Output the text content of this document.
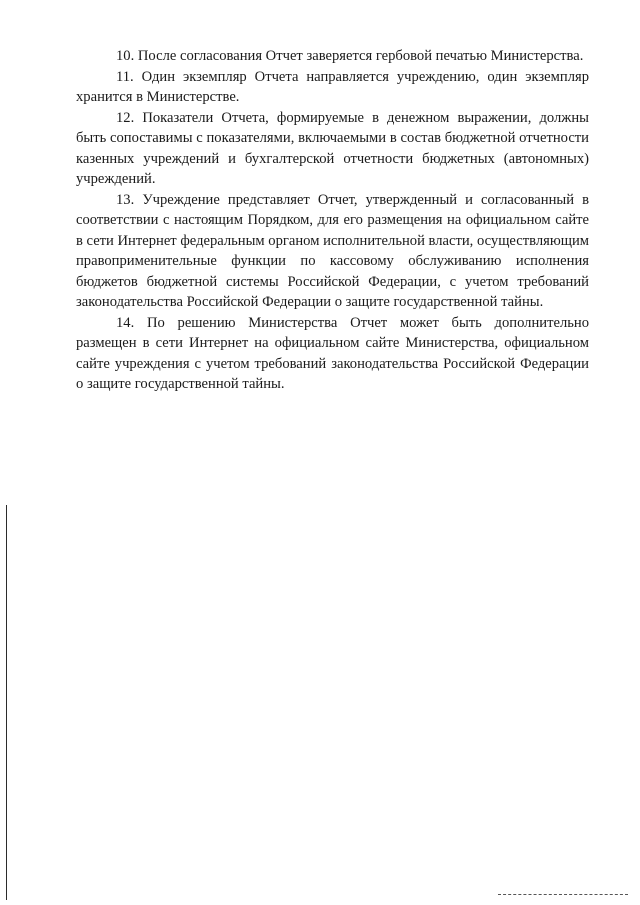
10. После согласования Отчет заверяется гербовой печатью Министерства.

11. Один экземпляр Отчета направляется учреждению, один экземпляр хранится в Министерстве.

12. Показатели Отчета, формируемые в денежном выражении, должны быть сопоставимы с показателями, включаемыми в состав бюджетной отчетности казенных учреждений и бухгалтерской отчетности бюджетных (автономных) учреждений.

13. Учреждение представляет Отчет, утвержденный и согласованный в соответствии с настоящим Порядком, для его размещения на официальном сайте в сети Интернет федеральным органом исполнительной власти, осуществляющим правоприменительные функции по кассовому обслуживанию исполнения бюджетов бюджетной системы Российской Федерации, с учетом требований законодательства Российской Федерации о защите государственной тайны.

14. По решению Министерства Отчет может быть дополнительно размещен в сети Интернет на официальном сайте Министерства, официальном сайте учреждения с учетом требований законодательства Российской Федерации о защите государственной тайны.
